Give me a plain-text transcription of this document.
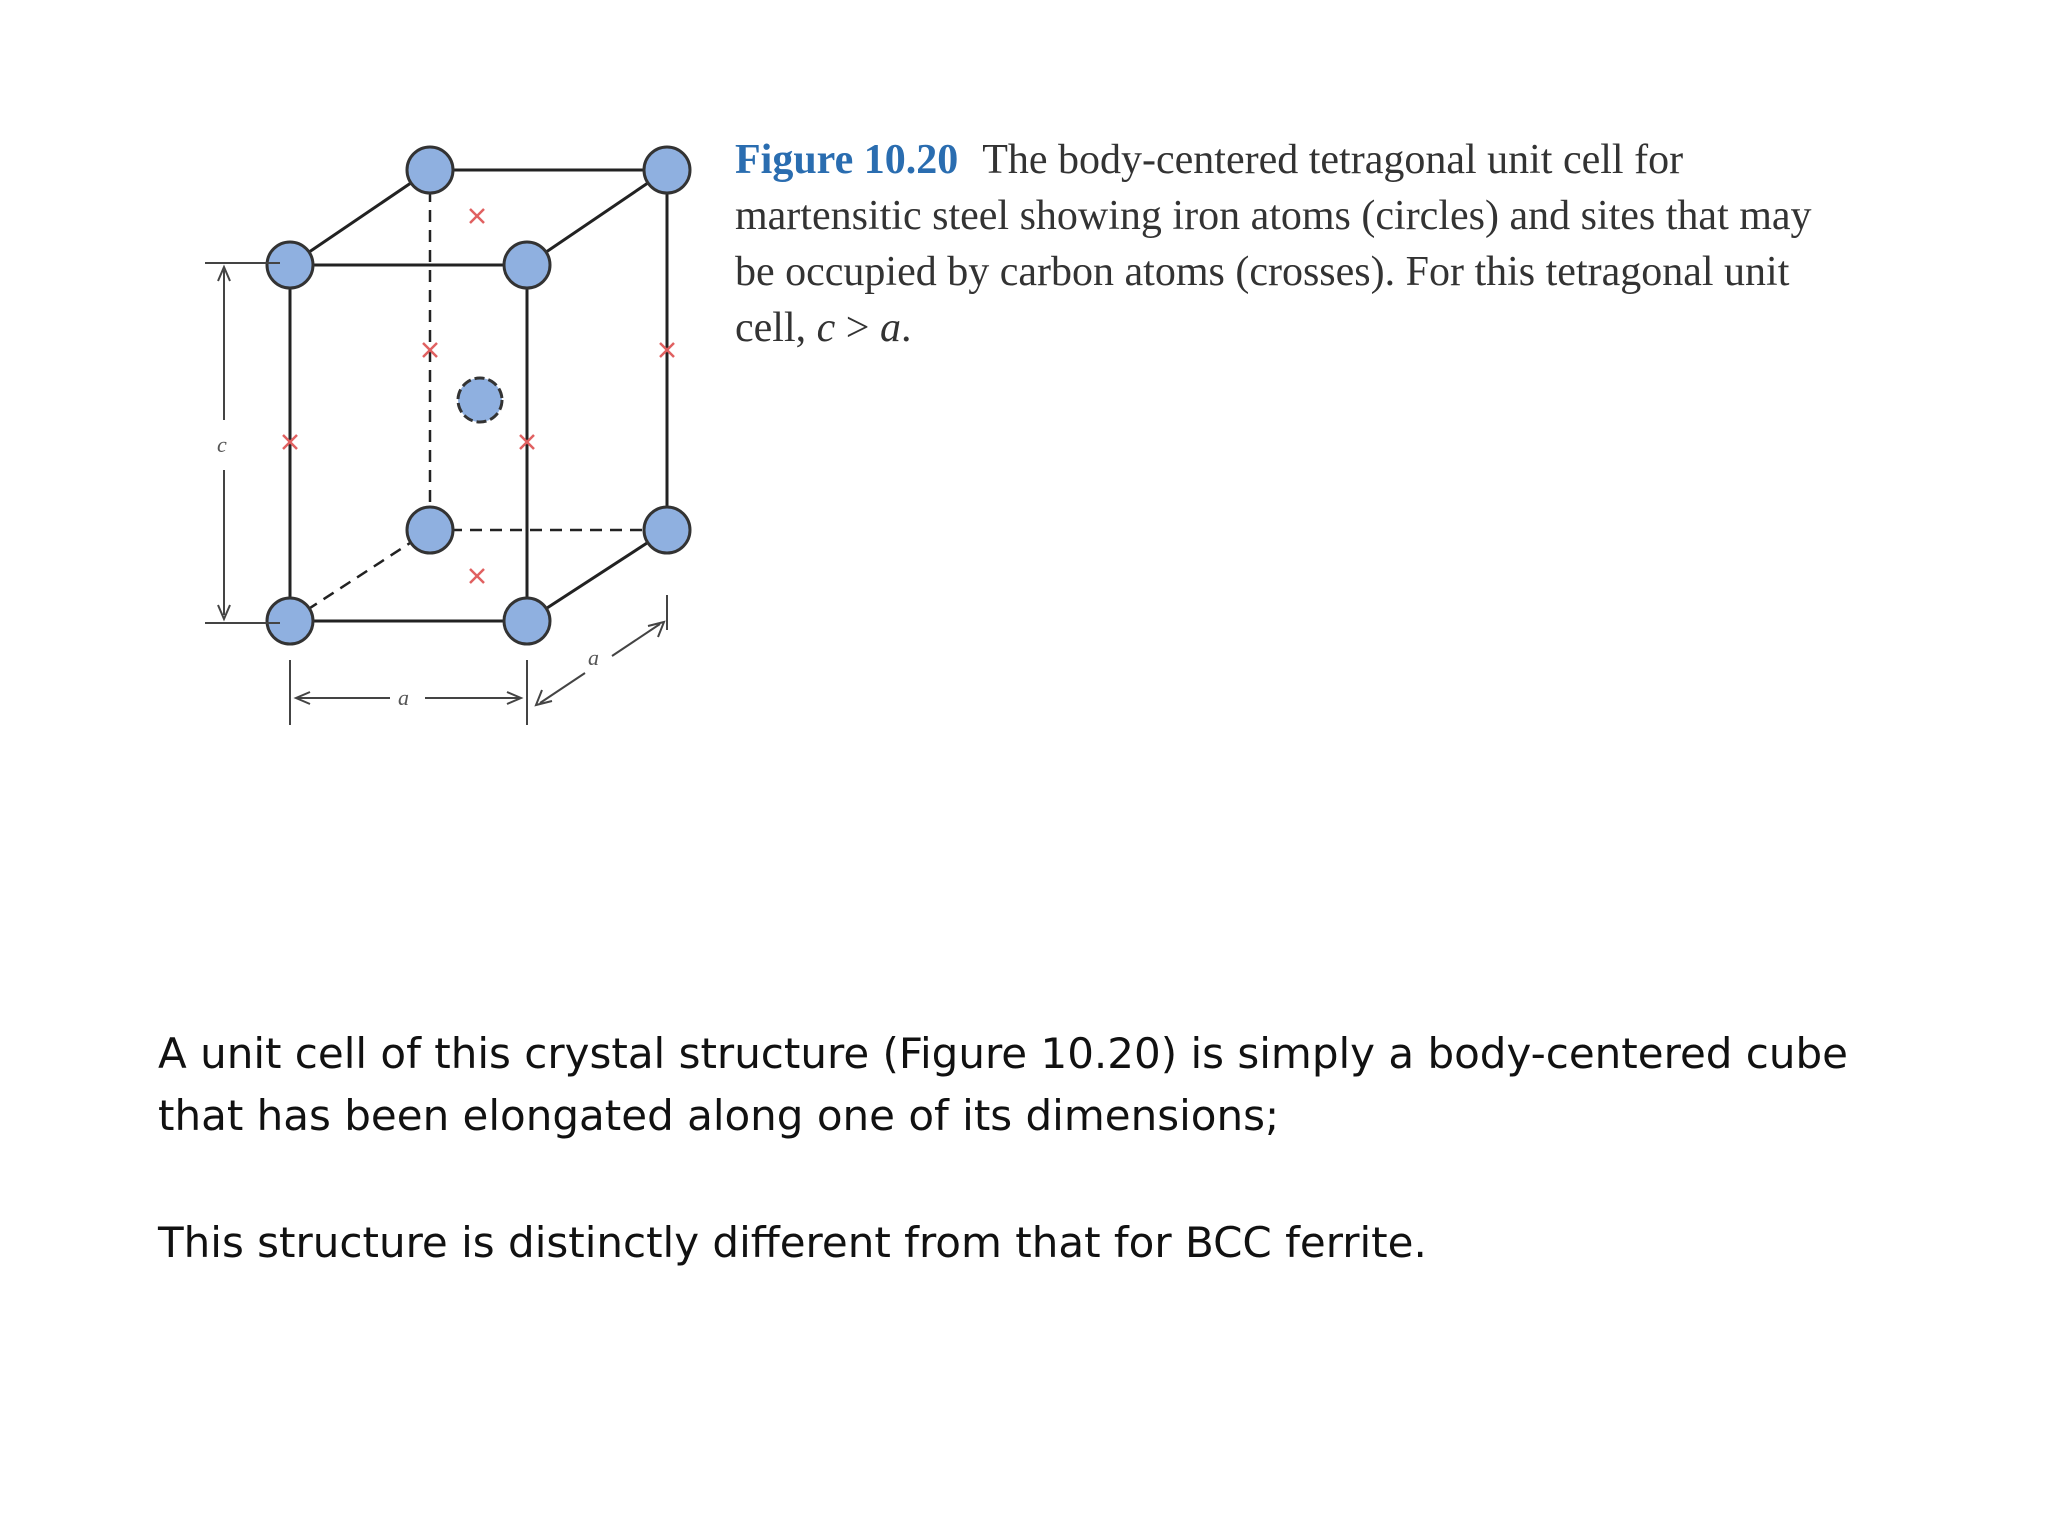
c
a
a
Figure 10.20 The body-centered tetragonal unit cell for martensitic steel showing iron atoms (circles) and sites that may be occupied by carbon atoms (crosses). For this tetragonal unit cell, c > a.
A unit cell of this crystal structure (Figure 10.20) is simply a body-centered cube that has been elongated along one of its dimensions;
This structure is distinctly different from that for BCC ferrite.
